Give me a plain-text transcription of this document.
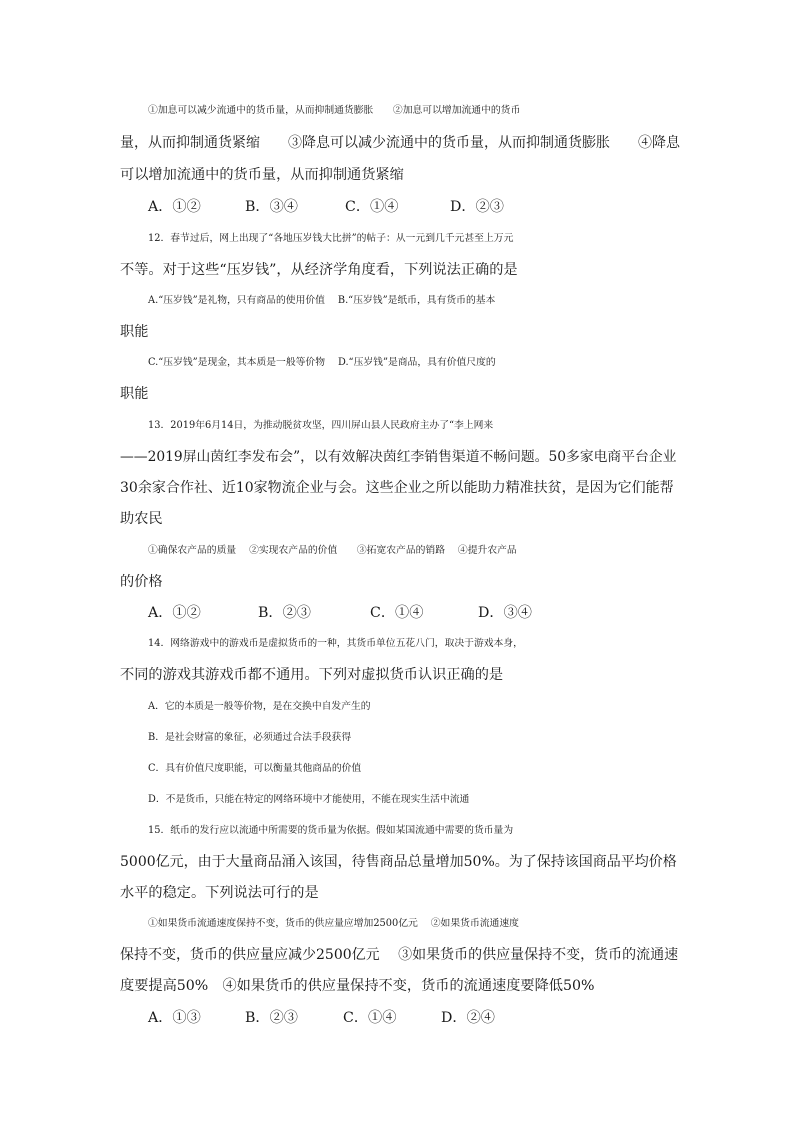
①加息可以减少流通中的货币量，从而抑制通货膨胀　　②加息可以增加流通中的货币
量，从而抑制通货紧缩　　③降息可以减少流通中的货币量，从而抑制通货膨胀　　④降息
可以增加流通中的货币量，从而抑制通货紧缩
A．①②	B．③④	C．①④	D．②③
12．春节过后，网上出现了“各地压岁钱大比拼”的帖子：从一元到几千元甚至上万元
不等。对于这些“压岁钱”，从经济学角度看，下列说法正确的是
A.“压岁钱”是礼物，只有商品的使用价值　 B.“压岁钱”是纸币，具有货币的基本
职能
C.“压岁钱”是现金，其本质是一般等价物　 D.“压岁钱”是商品，具有价值尺度的
职能
13．2019年6月14日，为推动脱贫攻坚，四川屏山县人民政府主办了“李上网来
——2019屏山茵红李发布会”，以有效解决茵红李销售渠道不畅问题。50多家电商平台企业
30余家合作社、近10家物流企业与会。这些企业之所以能助力精准扶贫，是因为它们能帮
助农民
①确保农产品的质量　 ②实现农产品的价值　　③拓宽农产品的销路　 ④提升农产品
的价格
A．①②	B．②③	C．①④	D．③④
14．网络游戏中的游戏币是虚拟货币的一种，其货币单位五花八门，取决于游戏本身，
不同的游戏其游戏币都不通用。下列对虚拟货币认识正确的是
A．它的本质是一般等价物，是在交换中自发产生的
B．是社会财富的象征，必须通过合法手段获得
C．具有价值尺度职能，可以衡量其他商品的价值
D．不是货币，只能在特定的网络环境中才能使用，不能在现实生活中流通
15．纸币的发行应以流通中所需要的货币量为依据。假如某国流通中需要的货币量为
5000亿元，由于大量商品涌入该国，待售商品总量增加50%。为了保持该国商品平均价格
水平的稳定。下列说法可行的是
①如果货币流通速度保持不变，货币的供应量应增加2500亿元　 ②如果货币流通速度
保持不变，货币的供应量应减少2500亿元　 ③如果货币的供应量保持不变，货币的流通速
度要提高50%　④如果货币的供应量保持不变，货币的流通速度要降低50%
A．①③	B．②③	C．①④	D．②④
